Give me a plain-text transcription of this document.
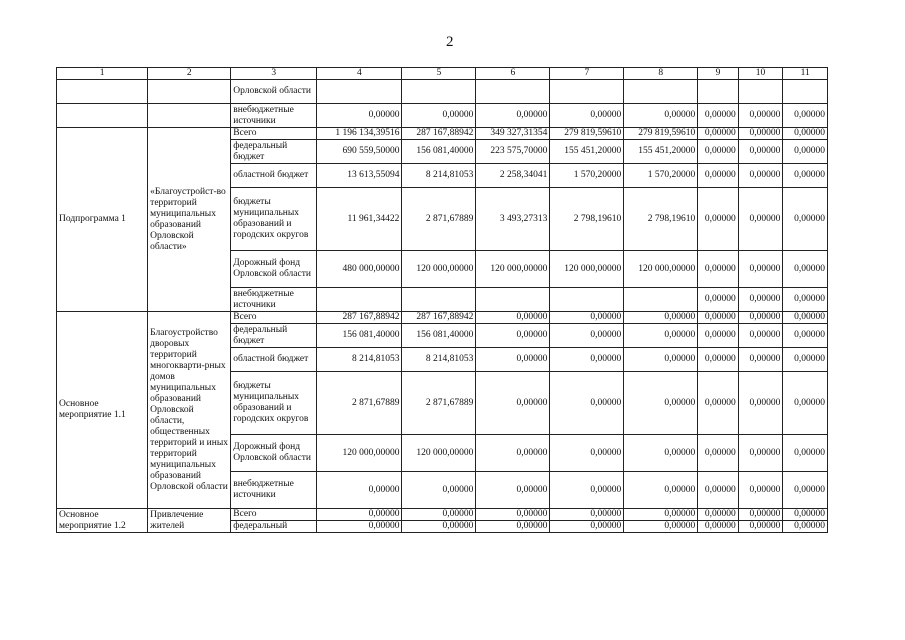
2
1	2	3	4	5	6	7	8	9	10	11
		Орловской области								
		внебюджетные источники	0,00000	0,00000	0,00000	0,00000	0,00000	0,00000	0,00000	0,00000
Подпрограмма 1	«Благоустройст-во территорий муниципальных образований Орловской области»	Всего	1 196 134,39516	287 167,88942	349 327,31354	279 819,59610	279 819,59610	0,00000	0,00000	0,00000
		федеральный бюджет	690 559,50000	156 081,40000	223 575,70000	155 451,20000	155 451,20000	0,00000	0,00000	0,00000
		областной бюджет	13 613,55094	8 214,81053	2 258,34041	1 570,20000	1 570,20000	0,00000	0,00000	0,00000
		бюджеты муниципальных образований и городских округов	11 961,34422	2 871,67889	3 493,27313	2 798,19610	2 798,19610	0,00000	0,00000	0,00000
		Дорожный фонд Орловской области	480 000,00000	120 000,00000	120 000,00000	120 000,00000	120 000,00000	0,00000	0,00000	0,00000
		внебюджетные источники						0,00000	0,00000	0,00000
Основное мероприятие 1.1	Благоустройство дворовых территорий многокварти-рных домов муниципальных образований Орловской области, общественных территорий и иных территорий муниципальных образований Орловской области	Всего	287 167,88942	287 167,88942	0,00000	0,00000	0,00000	0,00000	0,00000	0,00000
		федеральный бюджет	156 081,40000	156 081,40000	0,00000	0,00000	0,00000	0,00000	0,00000	0,00000
		областной бюджет	8 214,81053	8 214,81053	0,00000	0,00000	0,00000	0,00000	0,00000	0,00000
		бюджеты муниципальных образований и городских округов	2 871,67889	2 871,67889	0,00000	0,00000	0,00000	0,00000	0,00000	0,00000
		Дорожный фонд Орловской области	120 000,00000	120 000,00000	0,00000	0,00000	0,00000	0,00000	0,00000	0,00000
		внебюджетные источники	0,00000	0,00000	0,00000	0,00000	0,00000	0,00000	0,00000	0,00000
Основное мероприятие 1.2	Привлечение жителей	Всего	0,00000	0,00000	0,00000	0,00000	0,00000	0,00000	0,00000	0,00000
		федеральный	0,00000	0,00000	0,00000	0,00000	0,00000	0,00000	0,00000	0,00000
